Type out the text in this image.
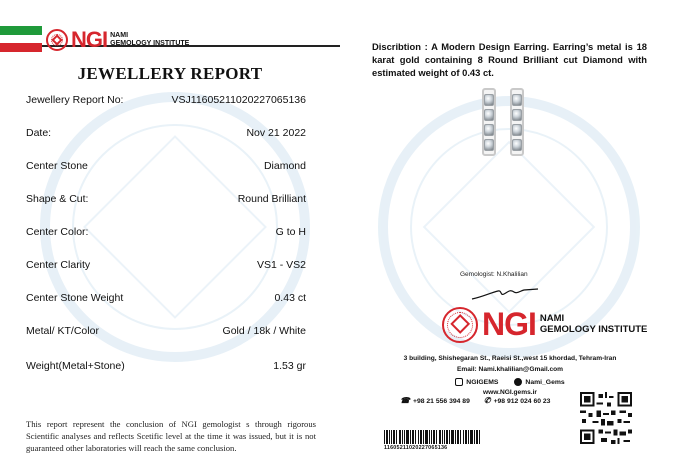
NGI NAMI
GEMOLOGY INSTITUTE
JEWELLERY REPORT
Jewellery Report No:	VSJ11605211020227065136
Date:	Nov 21 2022
Center Stone	Diamond
Shape & Cut:	Round Brilliant
Center Color:	G to H
Center Clarity	VS1 - VS2
Center Stone Weight	0.43 ct
Metal/ KT/Color	Gold / 18k / White
Weight(Metal+Stone)	1.53 gr
This report represent the conclusion of NGI gemologist s through rigorous Scientific analyses and reflects Scetific level at the time it was issued, but it is not guaranteed other laboratories will reach the same conclusion.
Discribtion : A Modern Design Earring. Earring’s metal is 18 karat gold containing 8 Round Brilliant cut Diamond with estimated weight of 0.43 ct.
Gemologist: N.Khalilian
NGI NAMI
GEMOLOGY INSTITUTE
3 building, Shishegaran St., Raeisi St.,west 15 khordad, Tehram-Iran
Email: Nami.khalilian@Gmail.com
NGIGEMS	Nami_Gems
www.NGI.gems.ir
☎ +98 21 556 394 89 ✆ +98 912 024 60 23
11605211020227065136
